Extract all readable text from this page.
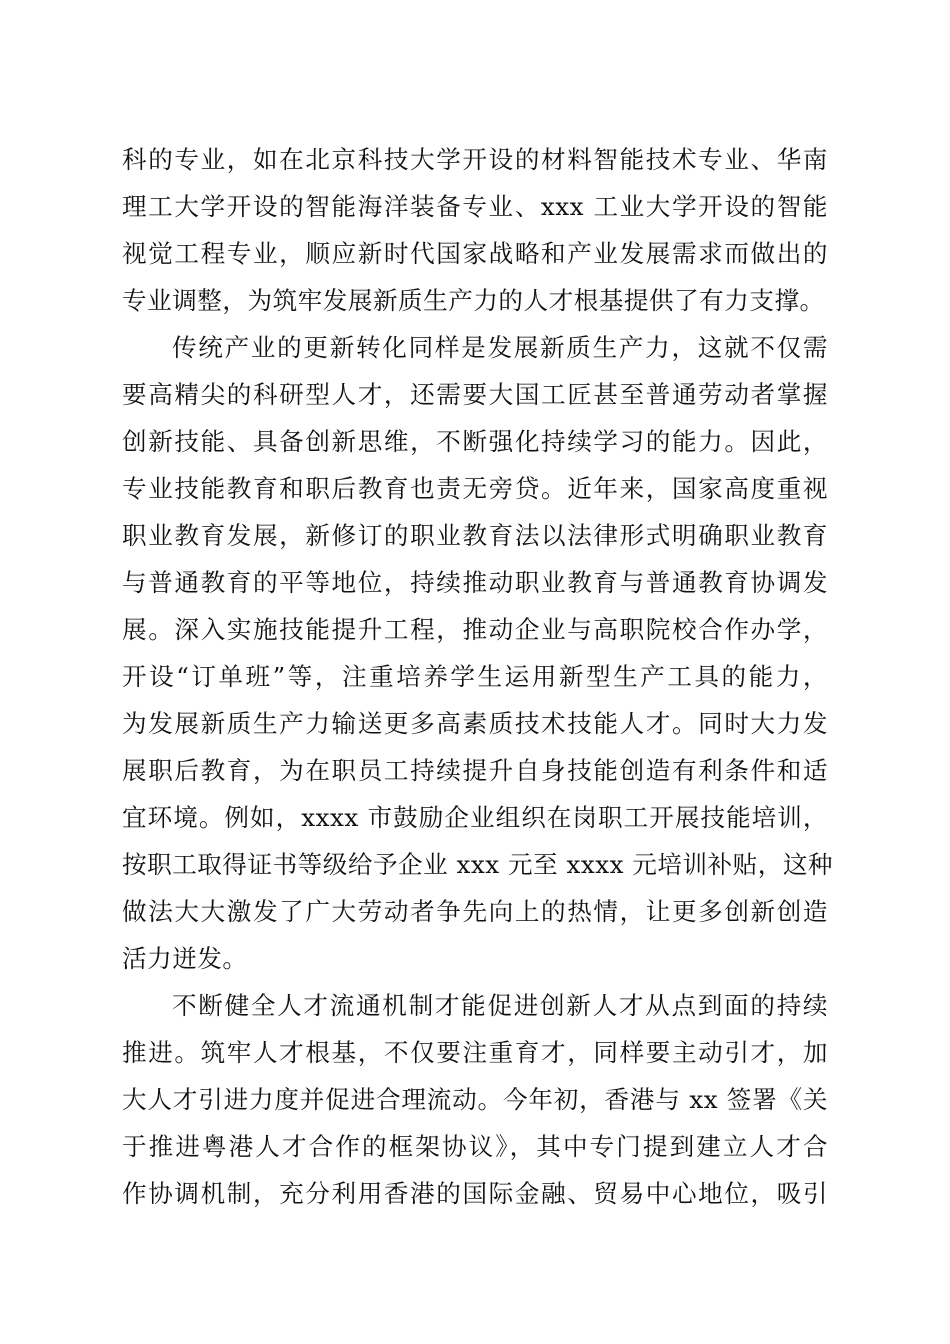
科的专业，如在北京科技大学开设的材料智能技术专业、华南
理工大学开设的智能海洋装备专业、xxx 工业大学开设的智能
视觉工程专业，顺应新时代国家战略和产业发展需求而做出的
专业调整，为筑牢发展新质生产力的人才根基提供了有力支撑。
传统产业的更新转化同样是发展新质生产力，这就不仅需
要高精尖的科研型人才，还需要大国工匠甚至普通劳动者掌握
创新技能、具备创新思维，不断强化持续学习的能力。因此，
专业技能教育和职后教育也责无旁贷。近年来，国家高度重视
职业教育发展，新修订的职业教育法以法律形式明确职业教育
与普通教育的平等地位，持续推动职业教育与普通教育协调发
展。深入实施技能提升工程，推动企业与高职院校合作办学，
开设“订单班”等，注重培养学生运用新型生产工具的能力，
为发展新质生产力输送更多高素质技术技能人才。同时大力发
展职后教育，为在职员工持续提升自身技能创造有利条件和适
宜环境。例如，xxxx 市鼓励企业组织在岗职工开展技能培训，
按职工取得证书等级给予企业 xxx 元至 xxxx 元培训补贴，这种
做法大大激发了广大劳动者争先向上的热情，让更多创新创造
活力迸发。
不断健全人才流通机制才能促进创新人才从点到面的持续
推进。筑牢人才根基，不仅要注重育才，同样要主动引才，加
大人才引进力度并促进合理流动。今年初，香港与 xx 签署《关
于推进粤港人才合作的框架协议》，其中专门提到建立人才合
作协调机制，充分利用香港的国际金融、贸易中心地位，吸引
